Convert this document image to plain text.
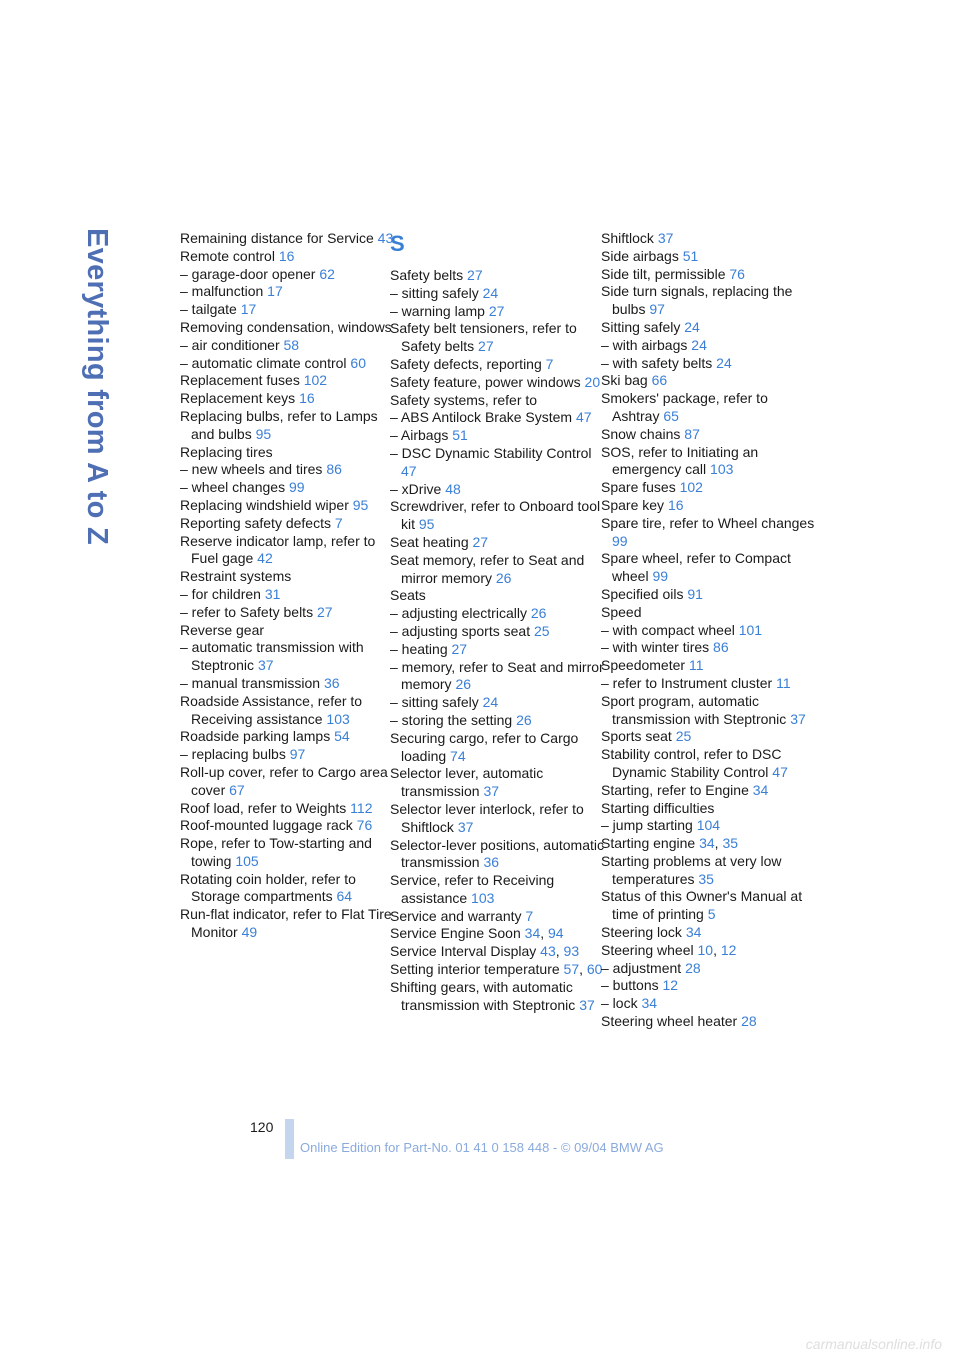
Everything from A to Z	Remaining distance for Service 43
Remote control 16
– garage-door opener 62
– malfunction 17
– tailgate 17
Removing condensation, windows
– air conditioner 58
– automatic climate control 60
Replacement fuses 102
Replacement keys 16
Replacing bulbs, refer to Lamps and bulbs 95
Replacing tires
– new wheels and tires 86
– wheel changes 99
Replacing windshield wiper 95
Reporting safety defects 7
Reserve indicator lamp, refer to Fuel gage 42
Restraint systems
– for children 31
– refer to Safety belts 27
Reverse gear
– automatic transmission with Steptronic 37
– manual transmission 36
Roadside Assistance, refer to Receiving assistance 103
Roadside parking lamps 54
– replacing bulbs 97
Roll-up cover, refer to Cargo area cover 67
Roof load, refer to Weights 112
Roof-mounted luggage rack 76
Rope, refer to Tow-starting and towing 105
Rotating coin holder, refer to Storage compartments 64
Run-flat indicator, refer to Flat Tire Monitor 49
S
Safety belts 27
– sitting safely 24
– warning lamp 27
Safety belt tensioners, refer to Safety belts 27
Safety defects, reporting 7
Safety feature, power windows 20
Safety systems, refer to
– ABS Antilock Brake System 47
– Airbags 51
– DSC Dynamic Stability Control 47
– xDrive 48
Screwdriver, refer to Onboard tool kit 95
Seat heating 27
Seat memory, refer to Seat and mirror memory 26
Seats
– adjusting electrically 26
– adjusting sports seat 25
– heating 27
– memory, refer to Seat and mirror memory 26
– sitting safely 24
– storing the setting 26
Securing cargo, refer to Cargo loading 74
Selector lever, automatic transmission 37
Selector lever interlock, refer to Shiftlock 37
Selector-lever positions, automatic transmission 36
Service, refer to Receiving assistance 103
Service and warranty 7
Service Engine Soon 34, 94
Service Interval Display 43, 93
Setting interior temperature 57, 60
Shifting gears, with automatic transmission with Steptronic 37
Shiftlock 37
Side airbags 51
Side tilt, permissible 76
Side turn signals, replacing the bulbs 97
Sitting safely 24
– with airbags 24
– with safety belts 24
Ski bag 66
Smokers' package, refer to Ashtray 65
Snow chains 87
SOS, refer to Initiating an emergency call 103
Spare fuses 102
Spare key 16
Spare tire, refer to Wheel changes 99
Spare wheel, refer to Compact wheel 99
Specified oils 91
Speed
– with compact wheel 101
– with winter tires 86
Speedometer 11
– refer to Instrument cluster 11
Sport program, automatic transmission with Steptronic 37
Sports seat 25
Stability control, refer to DSC Dynamic Stability Control 47
Starting, refer to Engine 34
Starting difficulties
– jump starting 104
Starting engine 34, 35
Starting problems at very low temperatures 35
Status of this Owner's Manual at time of printing 5
Steering lock 34
Steering wheel 10, 12
– adjustment 28
– buttons 12
– lock 34
Steering wheel heater 28
120
Online Edition for Part-No. 01 41 0 158 448 - © 09/04 BMW AG
carmanualsonline.info
